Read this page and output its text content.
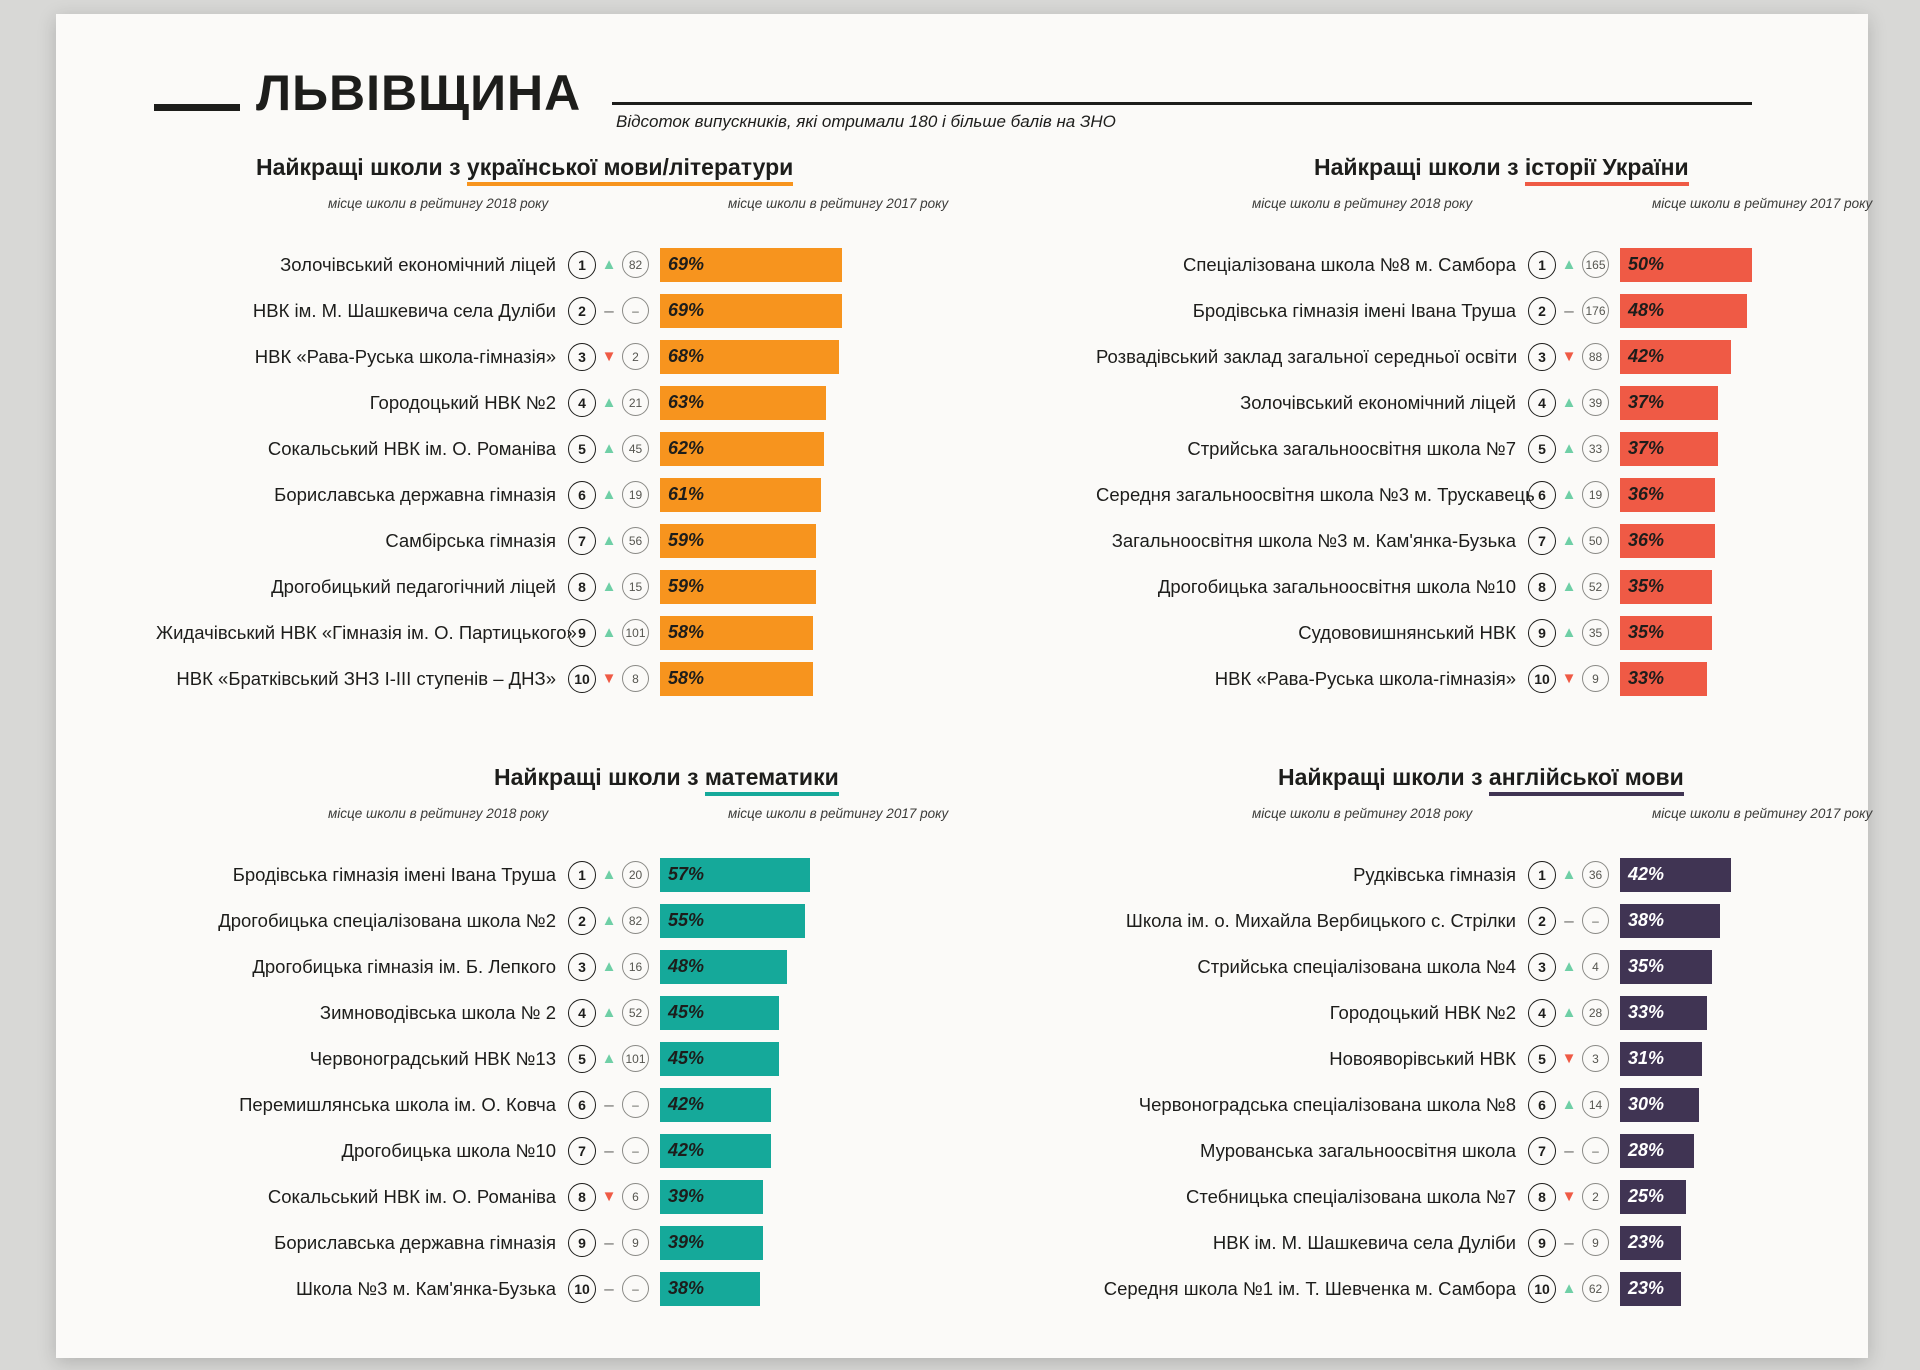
ЛЬВІВЩИНА
Відсоток випускників, які отримали 180 і більше балів на ЗНО
Найкращі школи з української мови/літератури
місце школи в рейтингу 2018 року	місце школи в рейтингу 2017 року
Золочівський економічний ліцей	1	▲	82	69%
НВК ім. М. Шашкевича села Дуліби	2	–	–	69%
НВК «Рава-Руська школа-гімназія»	3	▼	2	68%
Городоцький НВК №2	4	▲	21	63%
Сокальський НВК ім. О. Романіва	5	▲	45	62%
Бориславська державна гімназія	6	▲	19	61%
Самбірська гімназія	7	▲	56	59%
Дрогобицький педагогічний ліцей	8	▲	15	59%
Жидачівський НВК «Гімназія ім. О. Партицького» 9	▲ 101	58%
НВК «Братківський ЗНЗ I-III ступенів – ДНЗ»	10 ▼	8	58%
Найкращі школи з історії України
місце школи в рейтингу 2018 року	місце школи в рейтингу 2017 року
Спеціалізована школа №8 м. Самбора	1	▲ 165	50%
Бродівська гімназія імені Івана Труша	2	– 176	48%
Розвадівський заклад загальної середньої освіти	3	▼	88	42%
Золочівський економічний ліцей	4	▲	39	37%
Стрийська загальноосвітня школа №7	5	▲	33	37%
Середня загальноосвітня школа №3 м. Трускавець 6	▲	19	36%
Загальноосвітня школа №3 м. Кам'янка-Бузька	7	▲	50	36%
Дрогобицька загальноосвітня школа №10	8	▲	52	35%
Судововишнянський НВК	9	▲	35	35%
НВК «Рава-Руська школа-гімназія»	10 ▼	9	33%
Найкращі школи з математики
місце школи в рейтингу 2018 року	місце школи в рейтингу 2017 року
Бродівська гімназія імені Івана Труша	1	▲	20	57%
Дрогобицька спеціалізована школа №2	2	▲	82	55%
Дрогобицька гімназія ім. Б. Лепкого	3	▲	16	48%
Зимноводівська школа № 2	4	▲	52	45%
Червоноградський НВК №13	5	▲ 101	45%
Перемишлянська школа ім. О. Ковча	6	–	–	42%
Дрогобицька школа №10	7	–	–	42%
Сокальський НВК ім. О. Романіва	8	▼	6	39%
Бориславська державна гімназія	9	–	9	39%
Школа №3 м. Кам'янка-Бузька	10 –	–	38%
Найкращі школи з англійської мови
місце школи в рейтингу 2018 року	місце школи в рейтингу 2017 року
Рудківська гімназія	1	▲	36	42%
Школа ім. о. Михайла Вербицького с. Стрілки	2	–	–	38%
Стрийська спеціалізована школа №4	3	▲	4	35%
Городоцький НВК №2	4	▲	28	33%
Новояворівський НВК	5	▼	3	31%
Червоноградська спеціалізована школа №8	6	▲	14	30%
Мурованська загальноосвітня школа	7	–	–	28%
Стебницька спеціалізована школа №7	8	▼	2	25%
НВК ім. М. Шашкевича села Дуліби	9	–	9	23%
Середня школа №1 ім. Т. Шевченка м. Самбора	10 ▲	62	23%
